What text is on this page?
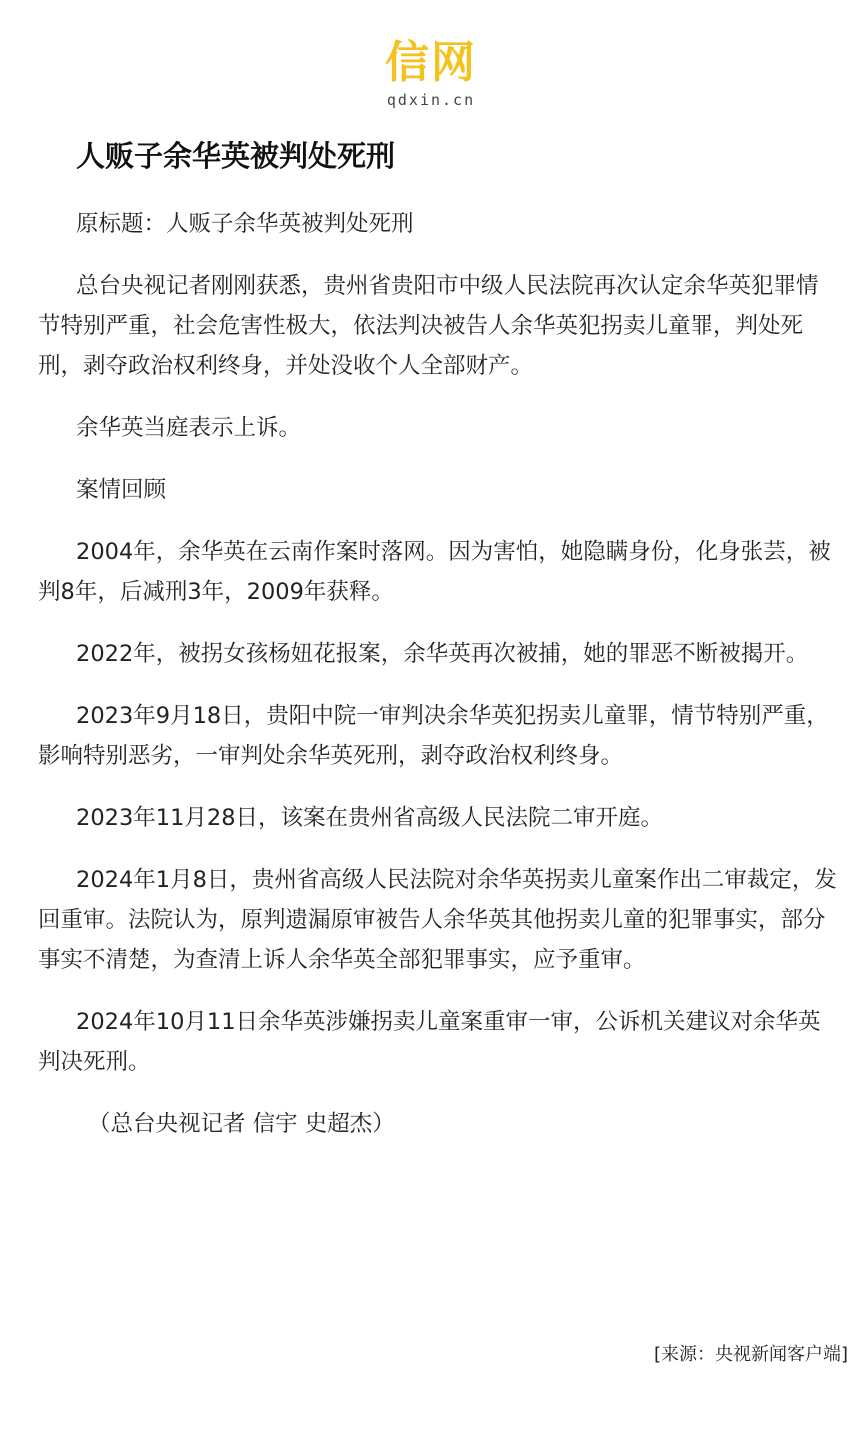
信网
qdxin.cn
人贩子余华英被判处死刑

原标题：人贩子余华英被判处死刑

总台央视记者刚刚获悉，贵州省贵阳市中级人民法院再次认定余华英犯罪情节特别严重，社会危害性极大，依法判决被告人余华英犯拐卖儿童罪，判处死刑，剥夺政治权利终身，并处没收个人全部财产。

余华英当庭表示上诉。

案情回顾

2004年，余华英在云南作案时落网。因为害怕，她隐瞒身份，化身张芸，被判8年，后减刑3年，2009年获释。

2022年，被拐女孩杨妞花报案，余华英再次被捕，她的罪恶不断被揭开。

2023年9月18日，贵阳中院一审判决余华英犯拐卖儿童罪，情节特别严重，影响特别恶劣，一审判处余华英死刑，剥夺政治权利终身。

2023年11月28日，该案在贵州省高级人民法院二审开庭。

2024年1月8日，贵州省高级人民法院对余华英拐卖儿童案作出二审裁定，发回重审。法院认为，原判遗漏原审被告人余华英其他拐卖儿童的犯罪事实，部分事实不清楚，为查清上诉人余华英全部犯罪事实，应予重审。

2024年10月11日余华英涉嫌拐卖儿童案重审一审，公诉机关建议对余华英判决死刑。

（总台央视记者 信宇 史超杰）

[来源：央视新闻客户端]
